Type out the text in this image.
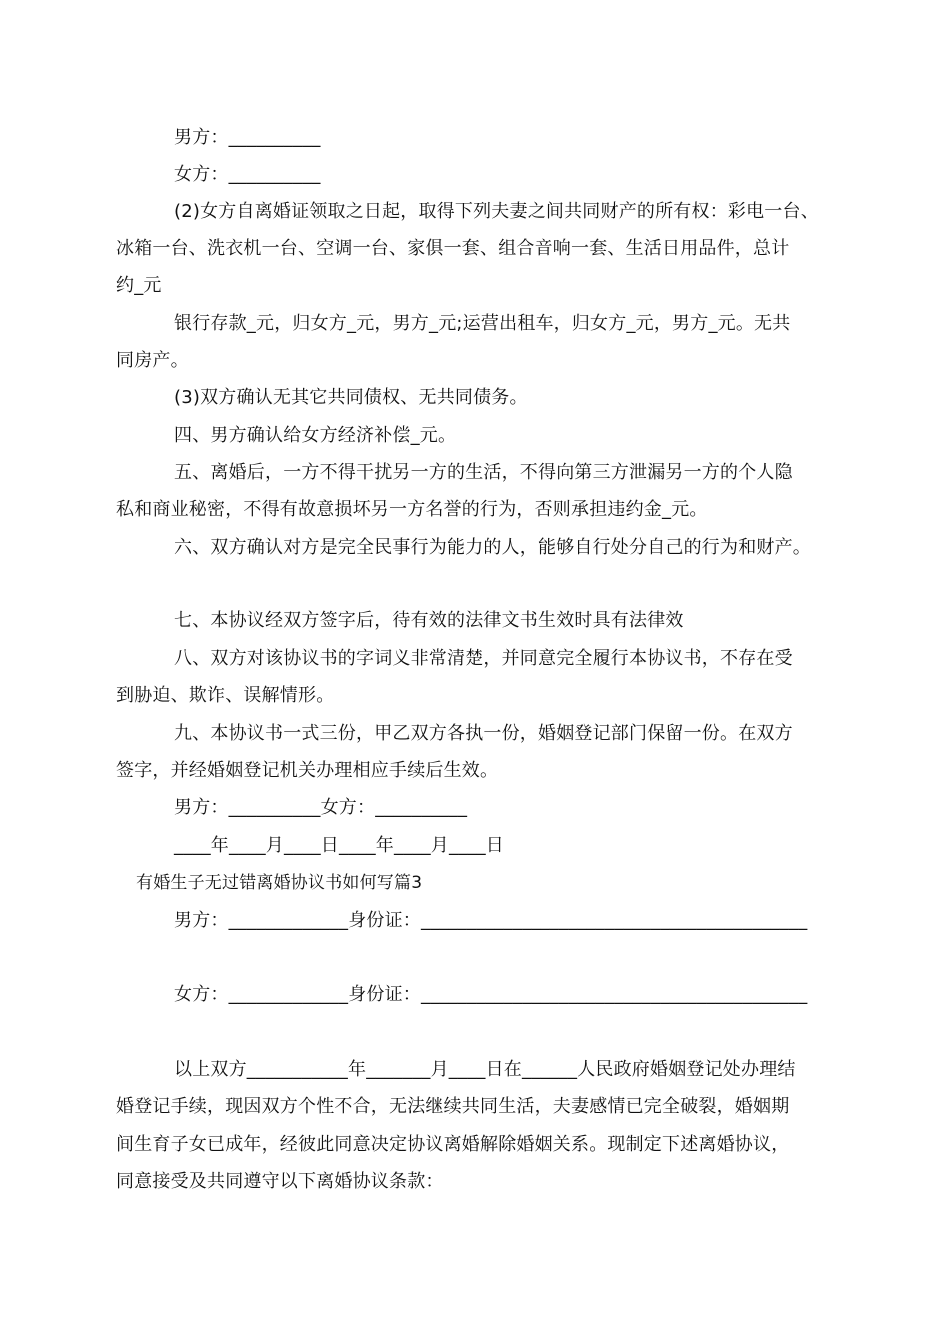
男方：__________
女方：__________
(2)女方自离婚证领取之日起，取得下列夫妻之间共同财产的所有权：彩电一台、
冰箱一台、洗衣机一台、空调一台、家俱一套、组合音响一套、生活日用品件，总计
约_元
银行存款_元，归女方_元，男方_元;运营出租车，归女方_元，男方_元。无共
同房产。
(3)双方确认无其它共同债权、无共同债务。
四、男方确认给女方经济补偿_元。
五、离婚后，一方不得干扰另一方的生活，不得向第三方泄漏另一方的个人隐
私和商业秘密，不得有故意损坏另一方名誉的行为，否则承担违约金_元。
六、双方确认对方是完全民事行为能力的人，能够自行处分自己的行为和财产。
七、本协议经双方签字后，待有效的法律文书生效时具有法律效
八、双方对该协议书的字词义非常清楚，并同意完全履行本协议书，不存在受
到胁迫、欺诈、误解情形。
九、本协议书一式三份，甲乙双方各执一份，婚姻登记部门保留一份。在双方
签字，并经婚姻登记机关办理相应手续后生效。
男方：__________女方：__________
____年____月____日____年____月____日
有婚生子无过错离婚协议书如何写篇3
男方：_____________身份证：__________________________________________
女方：_____________身份证：__________________________________________
以上双方___________年_______月____日在______人民政府婚姻登记处办理结
婚登记手续，现因双方个性不合，无法继续共同生活，夫妻感情已完全破裂，婚姻期
间生育子女已成年，经彼此同意决定协议离婚解除婚姻关系。现制定下述离婚协议，
同意接受及共同遵守以下离婚协议条款：
